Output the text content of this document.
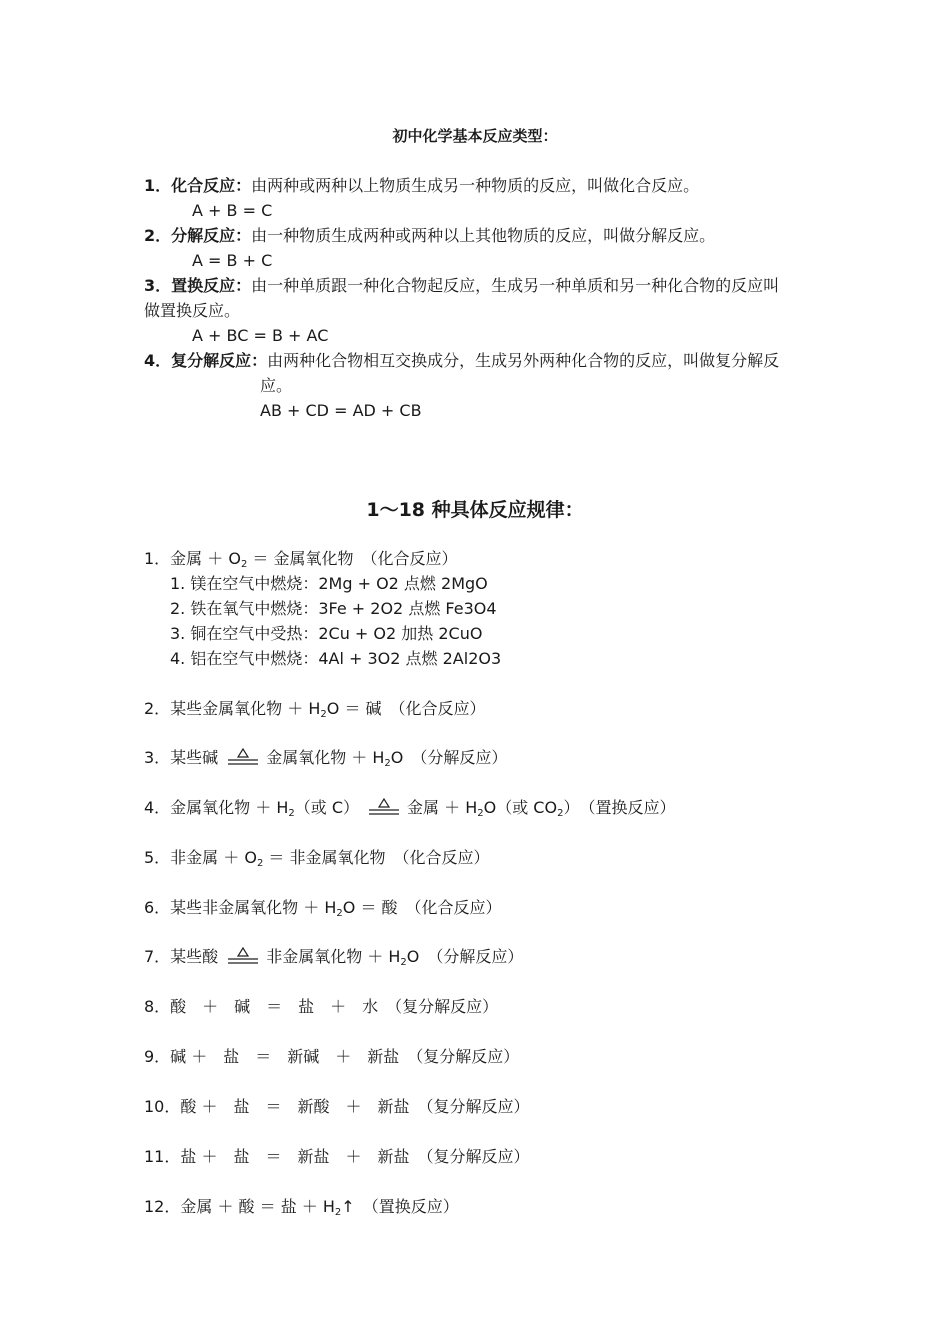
初中化学基本反应类型：
1．化合反应：由两种或两种以上物质生成另一种物质的反应，叫做化合反应。
A + B = C
2．分解反应：由一种物质生成两种或两种以上其他物质的反应，叫做分解反应。
A = B + C
3．置换反应：由一种单质跟一种化合物起反应，生成另一种单质和另一种化合物的反应叫
做置换反应。
A + BC = B + AC
4．复分解反应：由两种化合物相互交换成分，生成另外两种化合物的反应，叫做复分解反
应。
AB + CD = AD + CB
1～18 种具体反应规律：
1．金属 ＋ $O_2$ ＝ 金属氧化物　（化合反应）
1. 镁在空气中燃烧：2Mg + O2 点燃 2MgO
2. 铁在氧气中燃烧：3Fe + 2O2 点燃 Fe3O4
3. 铜在空气中受热：2Cu + O2 加热 2CuO
4. 铝在空气中燃烧：4Al + 3O2 点燃 2Al2O3
2．某些金属氧化物 ＋ $H_2O$ ＝ 碱　（化合反应）
3．某些碱	金属氧化物 ＋ $H_2O$　（分解反应）
4．金属氧化物 ＋ $H_2$（或 C）	金属 ＋ $H_2O$（或 $CO_2$）　（置换反应）
5．非金属 ＋ $O_2$ ＝ 非金属氧化物　（化合反应）
6．某些非金属氧化物 ＋ $H_2O$ ＝ 酸　（化合反应）
7．某些酸	非金属氧化物 ＋ $H_2O$　（分解反应）
8．酸　＋　碱　＝　盐　＋　水　（复分解反应）
9．碱 ＋　盐　＝　新碱　＋　新盐　（复分解反应）
10．酸 ＋　盐　＝　新酸　＋　新盐　（复分解反应）
11．盐 ＋　盐　＝　新盐　＋　新盐　（复分解反应）
12．金属 ＋ 酸 ＝ 盐 ＋ $H_2↑$　（置换反应）
